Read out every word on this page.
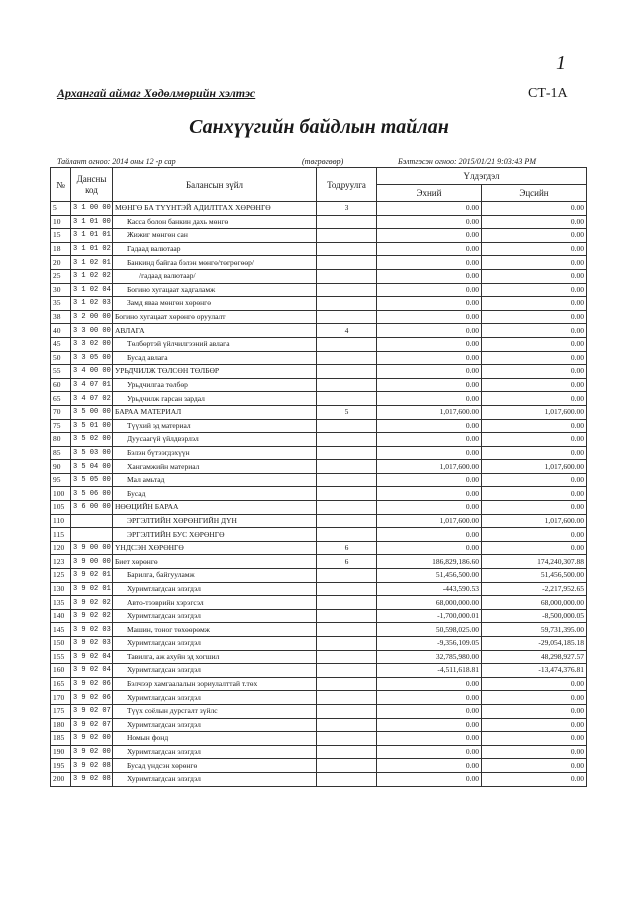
1
Архангай аймаг Хөдөлмөрийн хэлтэс	СТ-1А
Санхүүгийн байдлын тайлан
Тайлант огноо: 2014 оны 12 -р сар	(төгрөгөөр)	Бэлтгэсэн огноо: 2015/01/21 9:03:43 PM
№	Дансны код	Балансын зүйл	Тодруулга	Үлдэгдэл	
				Эхний	Эцсийн
5	3 1 00 00	МӨНГӨ БА ТҮҮНТЭЙ АДИЛТГАХ ХӨРӨНГӨ	3	0.00	0.00
10	3 1 01 00	Касса болон банкин дахь мөнгө		0.00	0.00
15	3 1 01 01	Жижиг мөнгөн сан		0.00	0.00
18	3 1 01 02	Гадаад валютаар		0.00	0.00
20	3 1 02 01	Банкинд байгаа бэлэн мөнгө/төгрөгөөр/		0.00	0.00
25	3 1 02 02	/гадаад валютаар/		0.00	0.00
30	3 1 02 04	Богино хугацаат хадгаламж		0.00	0.00
35	3 1 02 03	Замд яваа мөнгөн хөрөнгө		0.00	0.00
38	3 2 00 00	Богино хугацаат хөрөнгө оруулалт		0.00	0.00
40	3 3 00 00	АВЛАГА	4	0.00	0.00
45	3 3 02 00	Төлбөртэй үйлчилгээний авлага		0.00	0.00
50	3 3 05 00	Бусад авлага		0.00	0.00
55	3 4 00 00	УРЬДЧИЛЖ ТӨЛСӨН ТӨЛБӨР		0.00	0.00
60	3 4 07 01	Урьдчилгаа төлбөр		0.00	0.00
65	3 4 07 02	Урьдчилж гарсан зардал		0.00	0.00
70	3 5 00 00	БАРАА МАТЕРИАЛ	5	1,017,600.00	1,017,600.00
75	3 5 01 00	Түүхий эд материал		0.00	0.00
80	3 5 02 00	Дуусаагүй үйлдвэрлэл		0.00	0.00
85	3 5 03 00	Бэлэн бүтээгдэхүүн		0.00	0.00
90	3 5 04 00	Хангамжийн материал		1,017,600.00	1,017,600.00
95	3 5 05 00	Мал амьтад		0.00	0.00
100	3 5 06 00	Бусад		0.00	0.00
105	3 6 00 00	НӨӨЦИЙН БАРАА		0.00	0.00
110		ЭРГЭЛТИЙН ХӨРӨНГИЙН ДҮН		1,017,600.00	1,017,600.00
115		ЭРГЭЛТИЙН БУС ХӨРӨНГӨ		0.00	0.00
120	3 9 00 00	ҮНДСЭН ХӨРӨНГӨ	6	0.00	0.00
123	3 9 00 00	Биет хөрөнгө	6	186,829,186.60	174,240,307.88
125	3 9 02 01	Барилга, байгууламж		51,456,500.00	51,456,500.00
130	3 9 02 01	Хуримтлагдсан элэгдэл		-443,590.53	-2,217,952.65
135	3 9 02 02	Авто-тээврийн хэрэгсэл		68,000,000.00	68,000,000.00
140	3 9 02 02	Хуримтлагдсан элэгдэл		-1,700,000.01	-8,500,000.05
145	3 9 02 03	Машин, тоног төхөөрөмж		50,598,025.00	59,731,395.00
150	3 9 02 03	Хуримтлагдсан элэгдэл		-9,356,109.05	-29,054,185.18
155	3 9 02 04	Тавилга, аж ахуйн эд хогшил		32,785,980.00	48,298,927.57
160	3 9 02 04	Хуримтлагдсан элэгдэл		-4,511,618.81	-13,474,376.81
165	3 9 02 06	Бэлчээр хамгаалалын зориулалттай т.төх		0.00	0.00
170	3 9 02 06	Хуримтлагдсан элэгдэл		0.00	0.00
175	3 9 02 07	Түүх соёлын дурсгалт зүйлс		0.00	0.00
180	3 9 02 07	Хуримтлагдсан элэгдэл		0.00	0.00
185	3 9 02 00	Номын фонд		0.00	0.00
190	3 9 02 00	Хуримтлагдсан элэгдэл		0.00	0.00
195	3 9 02 08	Бусад үндсэн хөрөнгө		0.00	0.00
200	3 9 02 08	Хуримтлагдсан элэгдэл		0.00	0.00
